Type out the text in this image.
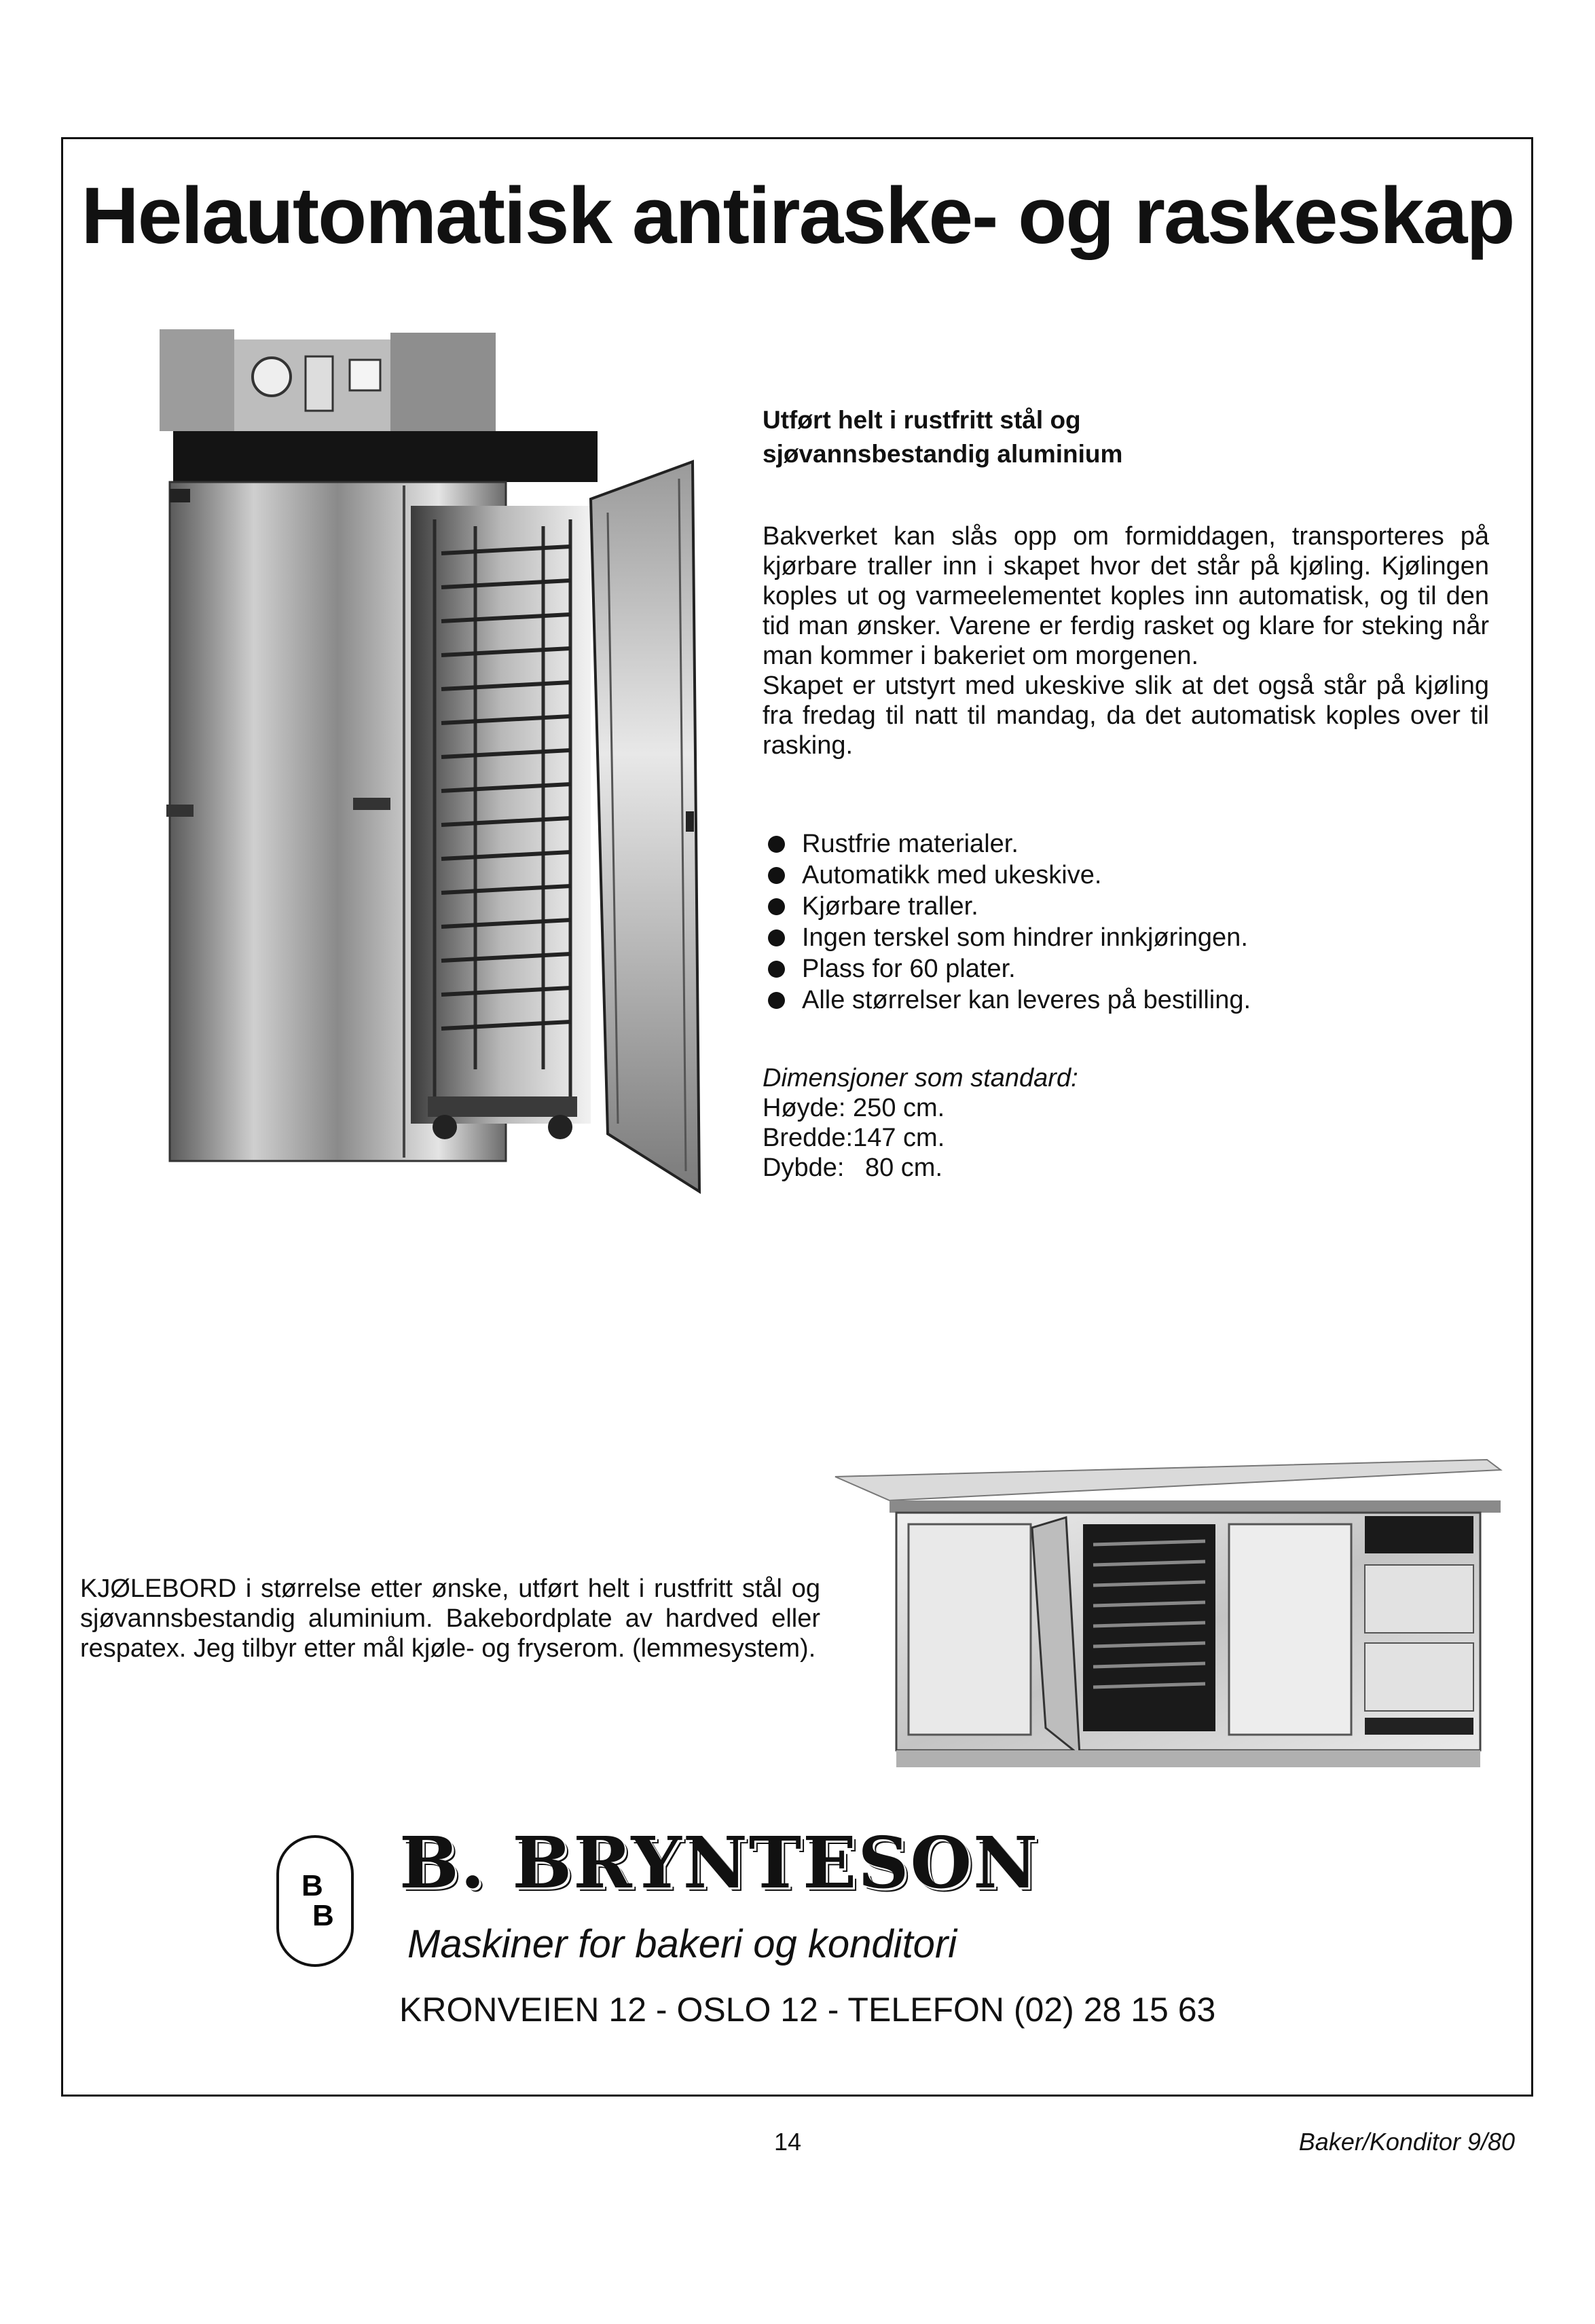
Helautomatisk antiraske- og raskeskap
Utført helt i rustfritt stål og
sjøvannsbestandig aluminium

Bakverket kan slås opp om formiddagen, transporteres på kjørbare traller inn i skapet hvor det står på kjøling. Kjølingen koples ut og varmeelementet koples inn automatisk, og til den tid man ønsker. Varene er ferdig rasket og klare for steking når man kommer i bakeriet om morgenen.

Skapet er utstyrt med ukeskive slik at det også står på kjøling fra fredag til natt til mandag, da det automatisk koples over til rasking.

Rustfrie materialer.
Automatikk med ukeskive.
Kjørbare traller.
Ingen terskel som hindrer innkjøringen.
Plass for 60 plater.
Alle størrelser kan leveres på bestilling.
Dimensjoner som standard:
Høyde: 250 cm.
Bredde:147 cm.
Dybde: 80 cm.
KJØLEBORD i størrelse etter ønske, utført helt i rustfritt stål og sjøvannsbestandig aluminium. Bakebordplate av hardved eller respatex. Jeg tilbyr etter mål kjøle- og fryserom. (lemmesystem).
B
B
B. BRYNTESON
Maskiner for bakeri og konditori
KRONVEIEN 12 - OSLO 12 - TELEFON (02) 28 15 63
14	Baker/Konditor 9/80
